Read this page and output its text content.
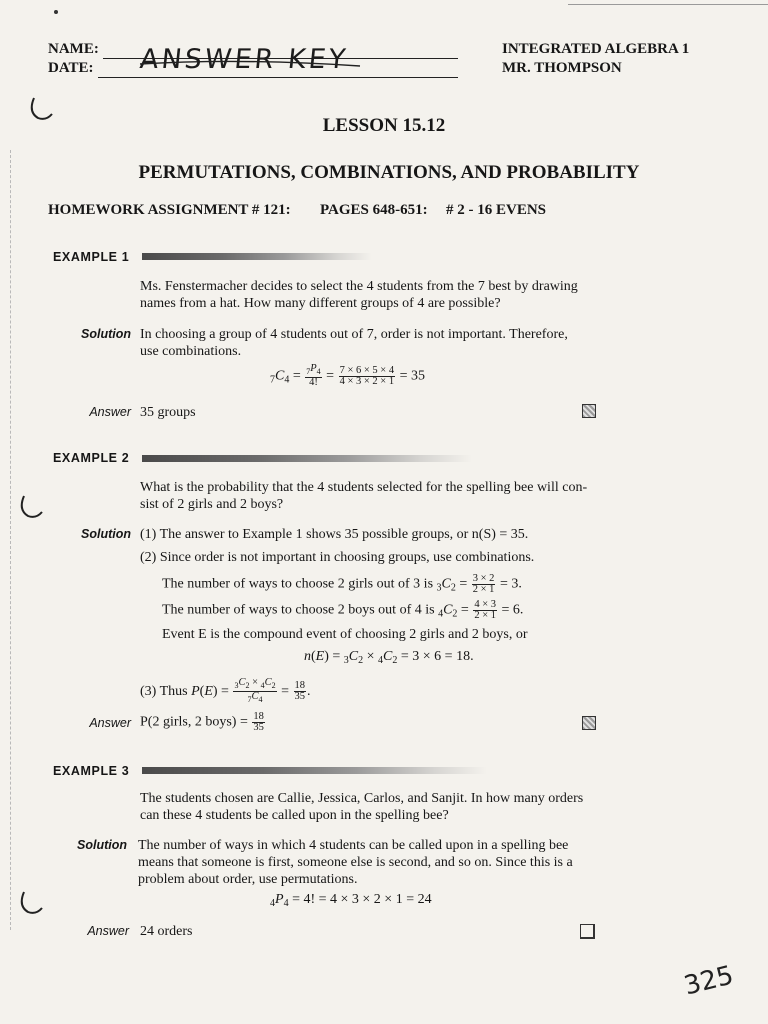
NAME:
DATE: ANSWER KEY	INTEGRATED ALGEBRA 1
MR. THOMPSON
LESSON 15.12
PERMUTATIONS, COMBINATIONS, AND PROBABILITY
HOMEWORK ASSIGNMENT # 121: PAGES 648-651: # 2 - 16 EVENS
EXAMPLE 1
Ms. Fenstermacher decides to select the 4 students from the 7 best by drawing
names from a hat. How many different groups of 4 are possible?
Solution In choosing a group of 4 students out of 7, order is not important. Therefore,
use combinations.
$_7C_4 = \frac{_7P_4}{4!} = \frac{7 \times 6 \times 5 \times 4}{4 \times 3 \times 2 \times 1} = 35$
Answer 35 groups
EXAMPLE 2
What is the probability that the 4 students selected for the spelling bee will con-
sist of 2 girls and 2 boys?
Solution (1) The answer to Example 1 shows 35 possible groups, or n(S) = 35.
(2) Since order is not important in choosing groups, use combinations.
The number of ways to choose 2 girls out of 3 is $_3C_2 = \frac{3 \times 2}{2 \times 1} = 3$.
The number of ways to choose 2 boys out of 4 is $_4C_2 = \frac{4 \times 3}{2 \times 1} = 6$.
Event E is the compound event of choosing 2 girls and 2 boys, or
$n(E) = _3C_2 \times _4C_2 = 3 \times 6 = 18$.
(3) Thus $P(E) = \frac{_3C_2 \times _4C_2}{_7C_4} = \frac{18}{35}$ .
Answer P(2 girls, 2 boys) = $\frac{18}{35}$
EXAMPLE 3
The students chosen are Callie, Jessica, Carlos, and Sanjit. In how many orders
can these 4 students be called upon in the spelling bee?
Solution The number of ways in which 4 students can be called upon in a spelling bee
means that someone is first, someone else is second, and so on. Since this is a
problem about order, use permutations.
$_4P_4 = 4$! = 4 × 3 × 2 × 1 = 24
Answer 24 orders
325
